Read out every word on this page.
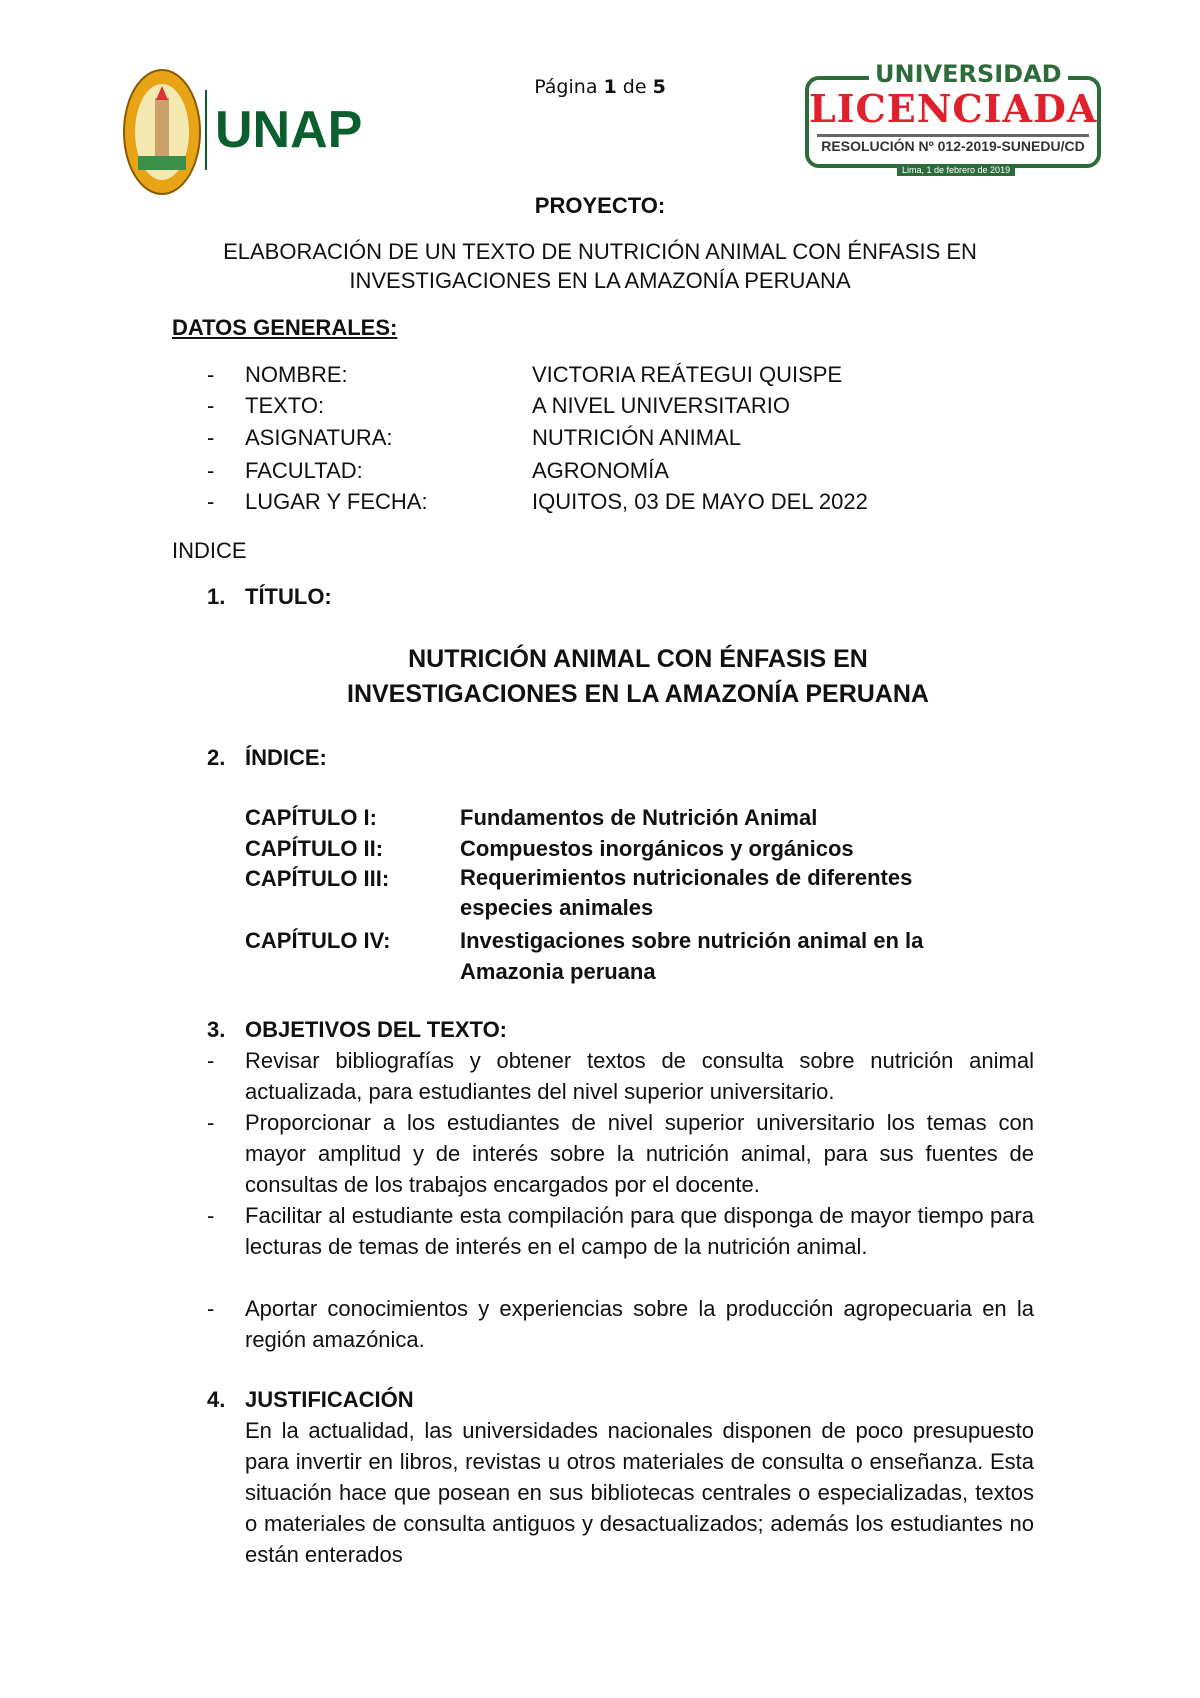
UNAP
Página 1 de 5	UNIVERSIDAD
LICENCIADA
RESOLUCIÓN Nº 012-2019-SUNEDU/CD
Lima, 1 de febrero de 2019
PROYECTO:
ELABORACIÓN DE UN TEXTO DE NUTRICIÓN ANIMAL CON ÉNFASIS EN
INVESTIGACIONES EN LA AMAZONÍA PERUANA
DATOS GENERALES:
- NOMBRE:	VICTORIA REÁTEGUI QUISPE
- TEXTO:	A NIVEL UNIVERSITARIO
- ASIGNATURA:	NUTRICIÓN ANIMAL
- FACULTAD:	AGRONOMÍA
- LUGAR Y FECHA:	IQUITOS, 03 DE MAYO DEL 2022
INDICE
1. TÍTULO:
NUTRICIÓN ANIMAL CON ÉNFASIS EN
INVESTIGACIONES EN LA AMAZONÍA PERUANA
2. ÍNDICE:
CAPÍTULO I:	Fundamentos de Nutrición Animal
CAPÍTULO II:	Compuestos inorgánicos y orgánicos
CAPÍTULO III:	Requerimientos nutricionales de diferentes especies animales
CAPÍTULO IV:	Investigaciones sobre nutrición animal en la Amazonia peruana
3. OBJETIVOS DEL TEXTO:
- Revisar bibliografías y obtener textos de consulta sobre nutrición animal actualizada, para estudiantes del nivel superior universitario.
- Proporcionar a los estudiantes de nivel superior universitario los temas con mayor amplitud y de interés sobre la nutrición animal, para sus fuentes de consultas de los trabajos encargados por el docente.
- Facilitar al estudiante esta compilación para que disponga de mayor tiempo para lecturas de temas de interés en el campo de la nutrición animal.
- Aportar conocimientos y experiencias sobre la producción agropecuaria en la región amazónica.
4. JUSTIFICACIÓN
En la actualidad, las universidades nacionales disponen de poco presupuesto para invertir en libros, revistas u otros materiales de consulta o enseñanza. Esta situación hace que posean en sus bibliotecas centrales o especializadas, textos o materiales de consulta antiguos y desactualizados; además los estudiantes no están enterados
